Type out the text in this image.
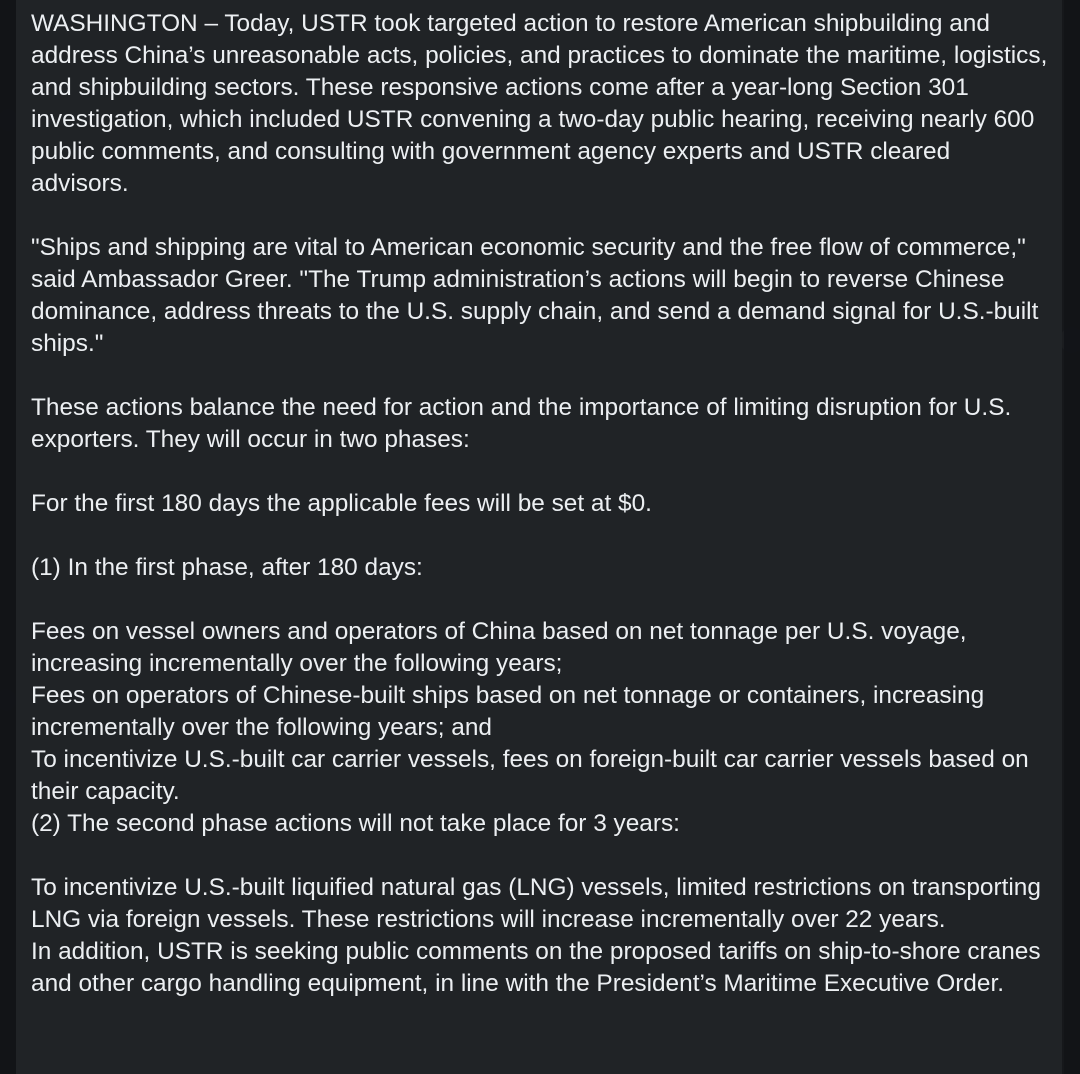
WASHINGTON – Today, USTR took targeted action to restore American shipbuilding and address China’s unreasonable acts, policies, and practices to dominate the maritime, logistics, and shipbuilding sectors. These responsive actions come after a year-long Section 301 investigation, which included USTR convening a two-day public hearing, receiving nearly 600 public comments, and consulting with government agency experts and USTR cleared advisors.

"Ships and shipping are vital to American economic security and the free flow of commerce," said Ambassador Greer. "The Trump administration’s actions will begin to reverse Chinese dominance, address threats to the U.S. supply chain, and send a demand signal for U.S.-built ships."

These actions balance the need for action and the importance of limiting disruption for U.S. exporters. They will occur in two phases:

For the first 180 days the applicable fees will be set at $0.

(1) In the first phase, after 180 days:

Fees on vessel owners and operators of China based on net tonnage per U.S. voyage, increasing incrementally over the following years;

Fees on operators of Chinese-built ships based on net tonnage or containers, increasing incrementally over the following years; and

To incentivize U.S.-built car carrier vessels, fees on foreign-built car carrier vessels based on their capacity.

(2) The second phase actions will not take place for 3 years:

To incentivize U.S.-built liquified natural gas (LNG) vessels, limited restrictions on transporting LNG via foreign vessels. These restrictions will increase incrementally over 22 years.

In addition, USTR is seeking public comments on the proposed tariffs on ship-to-shore cranes and other cargo handling equipment, in line with the President’s Maritime Executive Order.
